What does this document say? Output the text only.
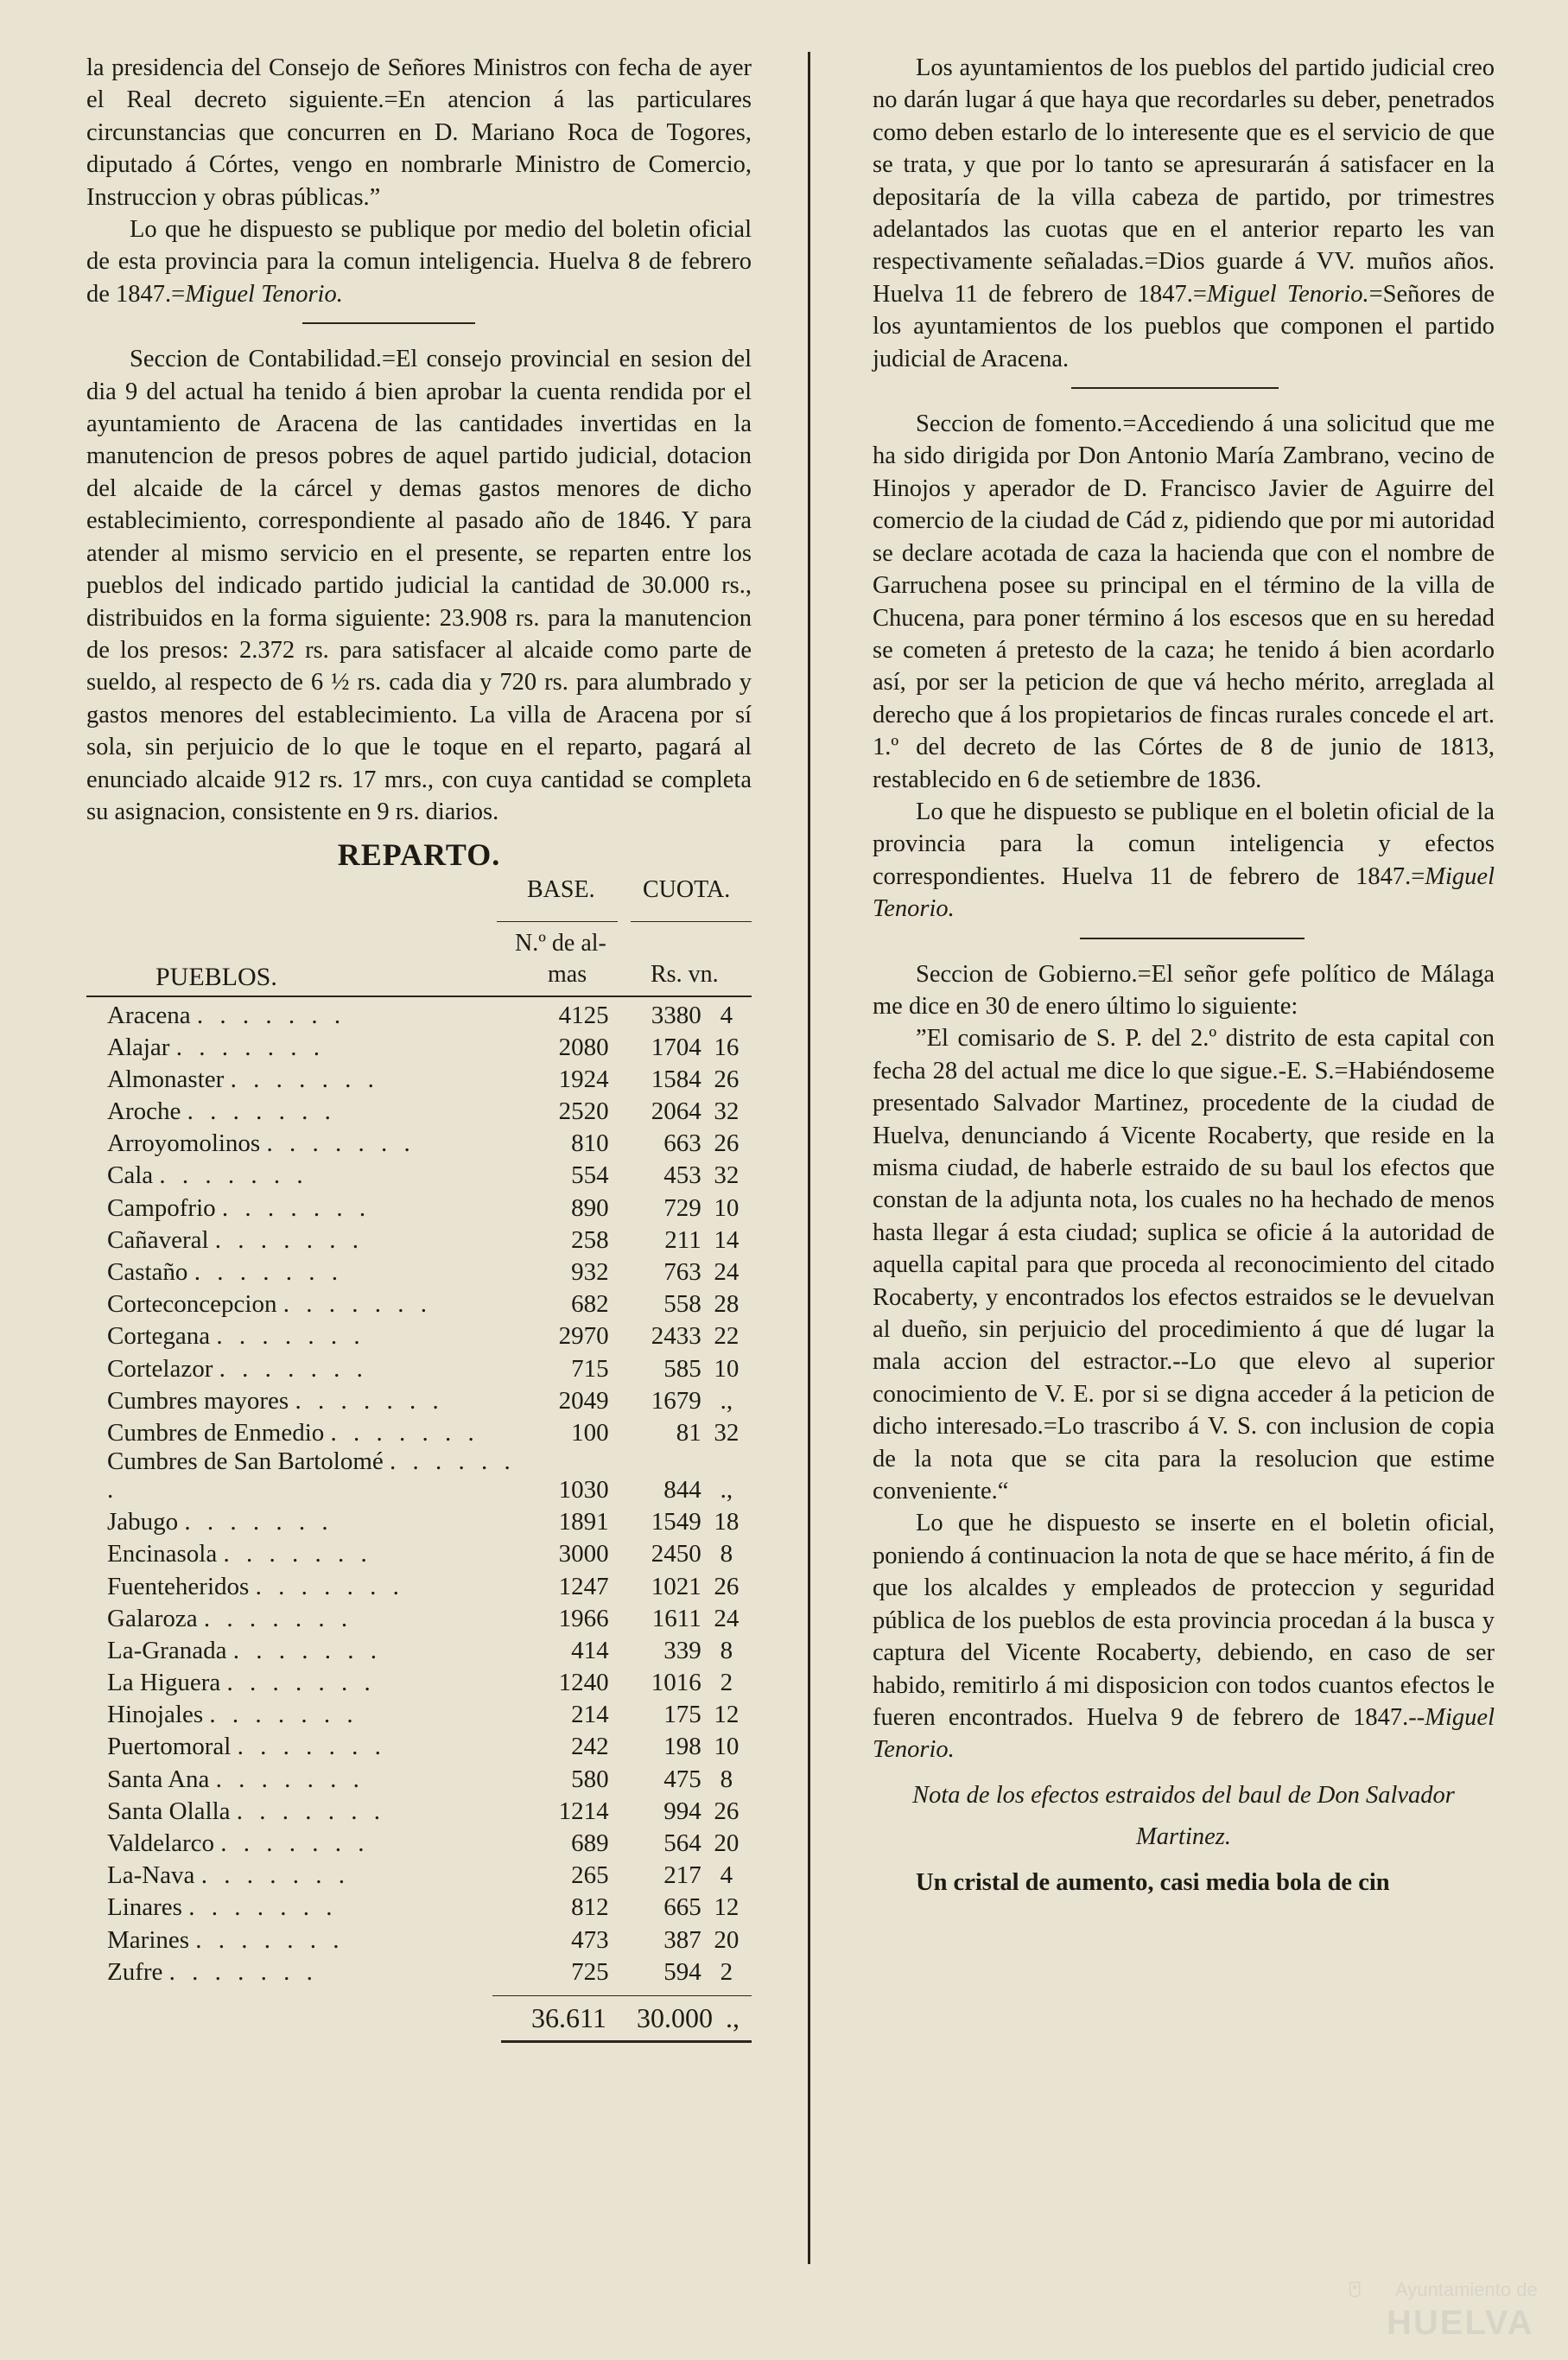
la presidencia del Consejo de Señores Ministros con fecha de ayer el Real decreto siguiente.=En atencion á las particulares circunstancias que concurren en D. Mariano Roca de Togores, diputado á Córtes, vengo en nombrarle Ministro de Comercio, Instruccion y obras públicas.”

Lo que he dispuesto se publique por medio del boletin oficial de esta provincia para la comun inteligencia. Huelva 8 de febrero de 1847.=Miguel Tenorio.

Seccion de Contabilidad.=El consejo provincial en sesion del dia 9 del actual ha tenido á bien aprobar la cuenta rendida por el ayuntamiento de Aracena de las cantidades invertidas en la manutencion de presos pobres de aquel partido judicial, dotacion del alcaide de la cárcel y demas gastos menores de dicho establecimiento, correspondiente al pasado año de 1846. Y para atender al mismo servicio en el presente, se reparten entre los pueblos del indicado partido judicial la cantidad de 30.000 rs., distribuidos en la forma siguiente: 23.908 rs. para la manutencion de los presos: 2.372 rs. para satisfacer al alcaide como parte de sueldo, al respecto de 6 ½ rs. cada dia y 720 rs. para alumbrado y gastos menores del establecimiento. La villa de Aracena por sí sola, sin perjuicio de lo que le toque en el reparto, pagará al enunciado alcaide 912 rs. 17 mrs., con cuya cantidad se completa su asignacion, consistente en 9 rs. diarios.

REPARTO.
BASE. CUOTA.
N.º de al-
PUEBLOS.	mas	Rs. vn.
Aracena . . . . . . .	4125	3380	4
Alajar . . . . . . .	2080	1704	16
Almonaster . . . . . . .	1924	1584	26
Aroche . . . . . . .	2520	2064	32
Arroyomolinos . . . . . . .	810	663	26
Cala . . . . . . .	554	453	32
Campofrio . . . . . . .	890	729	10
Cañaveral . . . . . . .	258	211	14
Castaño . . . . . . .	932	763	24
Corteconcepcion . . . . . . .	682	558	28
Cortegana . . . . . . .	2970	2433	22
Cortelazor . . . . . . .	715	585	10
Cumbres mayores . . . . . . .	2049	1679	.,
Cumbres de Enmedio . . . . . . .	100	81	32
Cumbres de San Bartolomé . . . . . . .	1030	844	.,
Jabugo . . . . . . .	1891	1549	18
Encinasola . . . . . . .	3000	2450	8
Fuenteheridos . . . . . . .	1247	1021	26
Galaroza . . . . . . .	1966	1611	24
La-Granada . . . . . . .	414	339	8
La Higuera . . . . . . .	1240	1016	2
Hinojales . . . . . . .	214	175	12
Puertomoral . . . . . . .	242	198	10
Santa Ana . . . . . . .	580	475	8
Santa Olalla . . . . . . .	1214	994	26
Valdelarco . . . . . . .	689	564	20
La-Nava . . . . . . .	265	217	4
Linares . . . . . . .	812	665	12
Marines . . . . . . .	473	387	20
Zufre . . . . . . .	725	594	2
36.611 30.000 .,

Los ayuntamientos de los pueblos del partido judicial creo no darán lugar á que haya que recordarles su deber, penetrados como deben estarlo de lo interesente que es el servicio de que se trata, y que por lo tanto se apresurarán á satisfacer en la depositaría de la villa cabeza de partido, por trimestres adelantados las cuotas que en el anterior reparto les van respectivamente señaladas.=Dios guarde á VV. muños años. Huelva 11 de febrero de 1847.=Miguel Tenorio.=Señores de los ayuntamientos de los pueblos que componen el partido judicial de Aracena.

Seccion de fomento.=Accediendo á una solicitud que me ha sido dirigida por Don Antonio María Zambrano, vecino de Hinojos y aperador de D. Francisco Javier de Aguirre del comercio de la ciudad de Cád z, pidiendo que por mi autoridad se declare acotada de caza la hacienda que con el nombre de Garruchena posee su principal en el término de la villa de Chucena, para poner término á los escesos que en su heredad se cometen á pretesto de la caza; he tenido á bien acordarlo así, por ser la peticion de que vá hecho mérito, arreglada al derecho que á los propietarios de fincas rurales concede el art. 1.º del decreto de las Córtes de 8 de junio de 1813, restablecido en 6 de setiembre de 1836.

Lo que he dispuesto se publique en el boletin oficial de la provincia para la comun inteligencia y efectos correspondientes. Huelva 11 de febrero de 1847.=Miguel Tenorio.

Seccion de Gobierno.=El señor gefe político de Málaga me dice en 30 de enero último lo siguiente:

”El comisario de S. P. del 2.º distrito de esta capital con fecha 28 del actual me dice lo que sigue.-E. S.=Habiéndoseme presentado Salvador Martinez, procedente de la ciudad de Huelva, denunciando á Vicente Rocaberty, que reside en la misma ciudad, de haberle estraido de su baul los efectos que constan de la adjunta nota, los cuales no ha hechado de menos hasta llegar á esta ciudad; suplica se oficie á la autoridad de aquella capital para que proceda al reconocimiento del citado Rocaberty, y encontrados los efectos estraidos se le devuelvan al dueño, sin perjuicio del procedimiento á que dé lugar la mala accion del estractor.--Lo que elevo al superior conocimiento de V. E. por si se digna acceder á la peticion de dicho interesado.=Lo trascribo á V. S. con inclusion de copia de la nota que se cita para la resolucion que estime conveniente.“

Lo que he dispuesto se inserte en el boletin oficial, poniendo á continuacion la nota de que se hace mérito, á fin de que los alcaldes y empleados de proteccion y seguridad pública de los pueblos de esta provincia procedan á la busca y captura del Vicente Rocaberty, debiendo, en caso de ser habido, remitirlo á mi disposicion con todos cuantos efectos le fueren encontrados. Huelva 9 de febrero de 1847.--Miguel Tenorio.

Nota de los efectos estraidos del baul de Don Salvador Martinez.

Un cristal de aumento, casi media bola de cin

Ayuntamiento de
HUELVA
